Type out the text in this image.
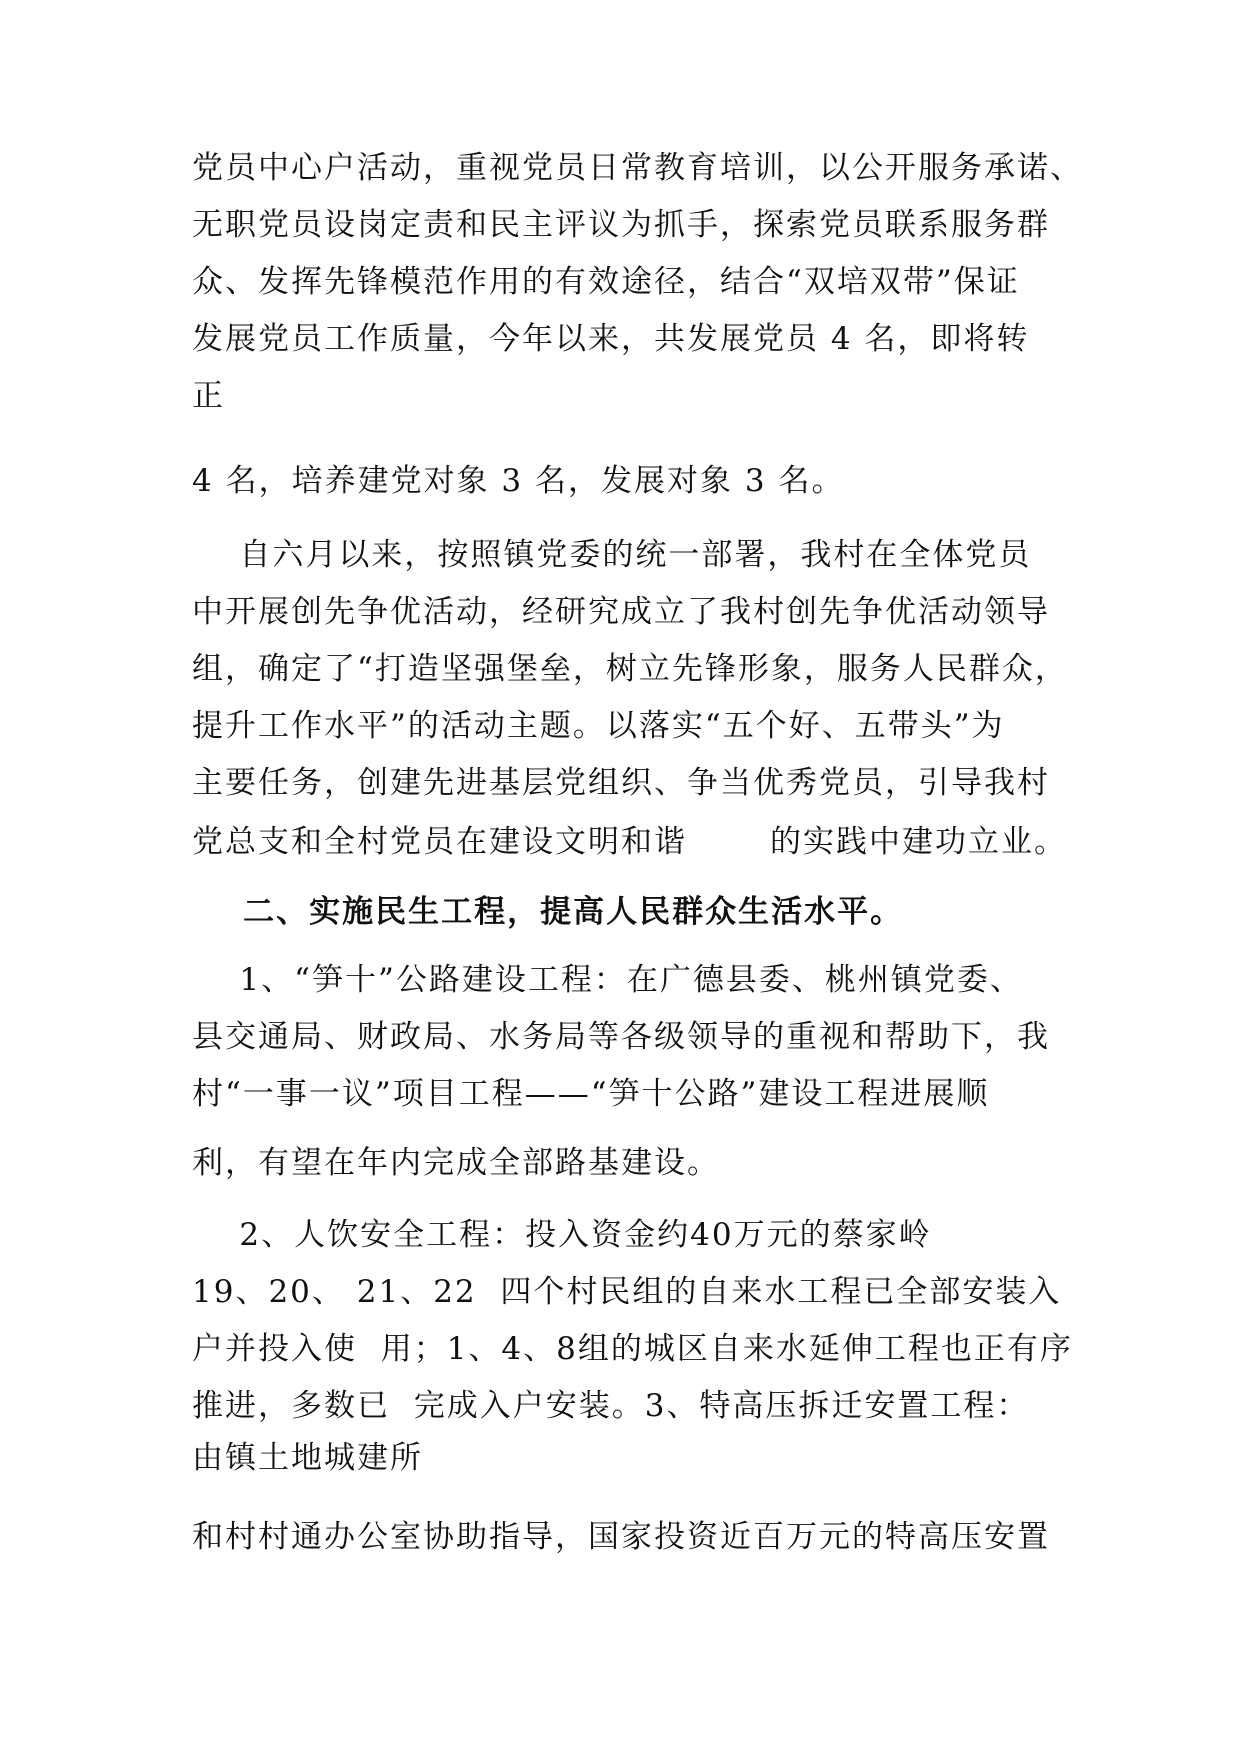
党员中心户活动，重视党员日常教育培训，以公开服务承诺、
无职党员设岗定责和民主评议为抓手，探索党员联系服务群
众、发挥先锋模范作用的有效途径，结合“双培双带”保证
发展党员工作质量，今年以来，共发展党员 4 名，即将转
正
4 名，培养建党对象 3 名，发展对象 3 名。
自六月以来，按照镇党委的统一部署，我村在全体党员
中开展创先争优活动，经研究成立了我村创先争优活动领导
组，确定了“打造坚强堡垒，树立先锋形象，服务人民群众，
提升工作水平”的活动主题。以落实“五个好、五带头”为
主要任务，创建先进基层党组织、争当优秀党员，引导我村
党总支和全村党员在建设文明和谐       的实践中建功立业。
二、实施民生工程，提高人民群众生活水平。
1、“笋十”公路建设工程：在广德县委、桃州镇党委、
县交通局、财政局、水务局等各级领导的重视和帮助下，我
村“一事一议”项目工程——“笋十公路”建设工程进展顺
利，有望在年内完成全部路基建设。
2、人饮安全工程：投入资金约40万元的蔡家岭
19、20、 21、22  四个村民组的自来水工程已全部安装入
户并投入使  用；1、4、8组的城区自来水延伸工程也正有序
推进，多数已  完成入户安装。3、特高压拆迁安置工程：
由镇土地城建所
和村村通办公室协助指导，国家投资近百万元的特高压安置
